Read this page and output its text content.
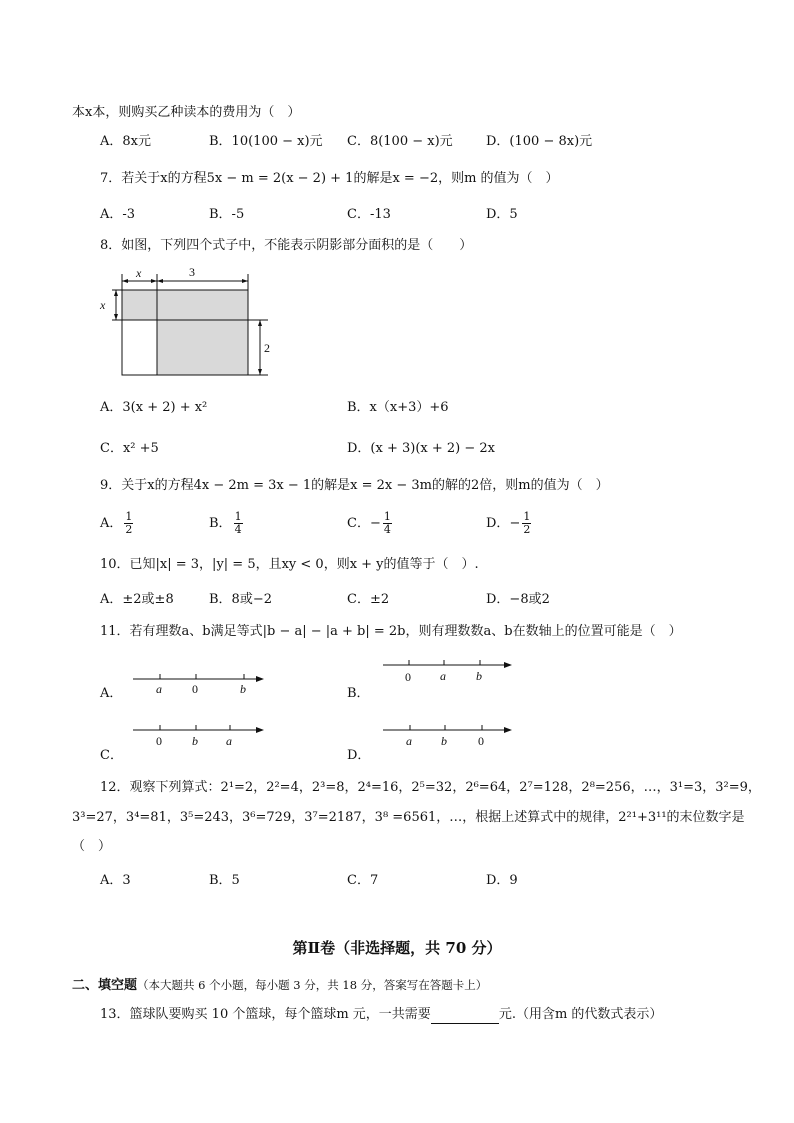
本x本，则购买乙种读本的费用为（　）
A．8x元	B．10(100 − x)元 C．8(100 − x)元	D．(100 − 8x)元
7．若关于x的方程5x − m = 2(x − 2) + 1的解是x = −2，则m 的值为（　）
A．-3	B．-5	C．-13	D．5
8．如图，下列四个式子中，不能表示阴影部分面积的是（　　）
x	3
x
2
A．3(x + 2) + x²	B．x（x+3）+6
C．x² +5	D．(x + 3)(x + 2) − 2x
9．关于x的方程4x − 2m = 3x − 1的解是x = 2x − 3m的解的2倍，则m的值为（　）
A． $\frac{1}{2}$	B． $\frac{1}{4}$	C．− $\frac{1}{4}$	D．− $\frac{1}{2}$
10．已知|x| = 3，|y| = 5，且xy < 0，则x + y的值等于（　）.
A．±2或±8	B．8或−2	C．±2	D．−8或2
11．若有理数a、b满足等式|b − a| − |a + b| = 2b，则有理数数a、b在数轴上的位置可能是（　）
A．	a	0	b	B．
0 a	b
C．
0	b a
D．
a b	0
12．观察下列算式：2¹=2，2²=4，2³=8，2⁴=16，2⁵=32，2⁶=64，2⁷=128，2⁸=256，…，3¹=3，3²=9，
3³=27，3⁴=81，3⁵=243，3⁶=729，3⁷=2187，3⁸ =6561，…，根据上述算式中的规律，2²¹+3¹¹的末位数字是
（　）
A．3	B．5	C．7	D．9
第Ⅱ卷（非选择题，共 70 分）
二、填空题（本大题共 6 个小题，每小题 3 分，共 18 分，答案写在答题卡上）
13．篮球队要购买 10 个篮球，每个篮球m 元，一共需要	元.（用含m 的代数式表示）
